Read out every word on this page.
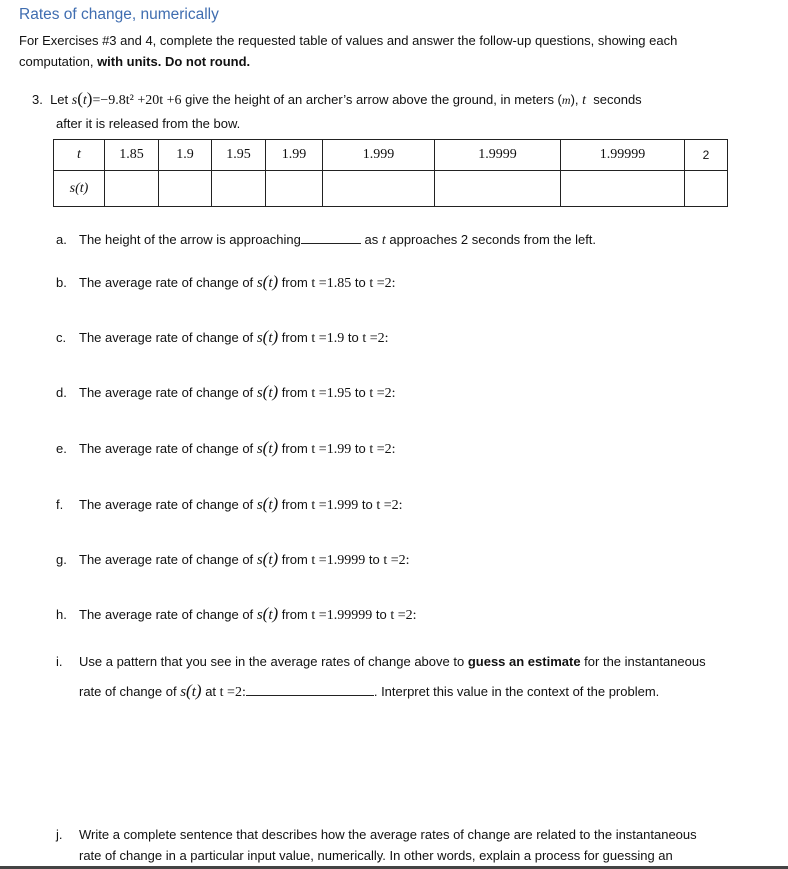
Rates of change, numerically
For Exercises #3 and 4, complete the requested table of values and answer the follow-up questions, showing each
computation, with units. Do not round.
3. Let s(t)=−9.8t² +20t +6 give the height of an archer’s arrow above the ground, in meters (m), t seconds
after it is released from the bow.
t	1.85	1.9	1.95	1.99	1.999	1.9999	1.99999	2
s(t)								
a. The height of the arrow is approaching	as t approaches 2 seconds from the left.
b. The average rate of change of s(t) from t =1.85 to t =2:
c. The average rate of change of s(t) from t =1.9 to t =2:
d. The average rate of change of s(t) from t =1.95 to t =2:
e. The average rate of change of s(t) from t =1.99 to t =2:
f. The average rate of change of s(t) from t =1.999 to t =2:
g. The average rate of change of s(t) from t =1.9999 to t =2:
h. The average rate of change of s(t) from t =1.99999 to t =2:
i. Use a pattern that you see in the average rates of change above to guess an estimate for the instantaneous
rate of change of s(t) at t =2:	. Interpret this value in the context of the problem.
j. Write a complete sentence that describes how the average rates of change are related to the instantaneous
rate of change in a particular input value, numerically. In other words, explain a process for guessing an
